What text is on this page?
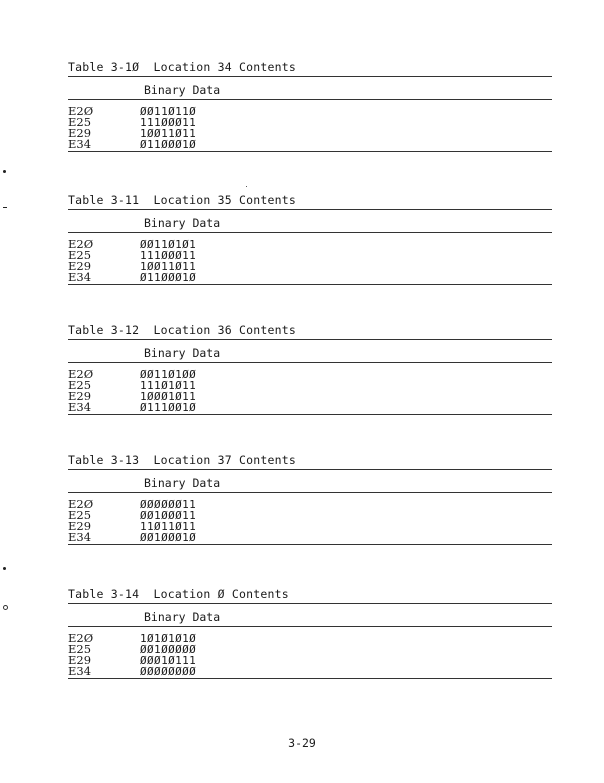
Table 3-1Ø  Location 34 Contents
Binary Data
E2Ø	ØØ11Ø11Ø
E25	111ØØØ11
E29	1ØØ11Ø11
E34	Ø11ØØØ1Ø
Table 3-11  Location 35 Contents
Binary Data
E2Ø	ØØ11Ø1Ø1
E25	111ØØØ11
E29	1ØØ11Ø11
E34	Ø11ØØØ1Ø
Table 3-12  Location 36 Contents
Binary Data
E2Ø	ØØ11Ø1ØØ
E25	111Ø1Ø11
E29	1ØØØ1Ø11
E34	Ø111ØØ1Ø
Table 3-13  Location 37 Contents
Binary Data
E2Ø	ØØØØØØ11
E25	ØØ1ØØØ11
E29	11Ø11Ø11
E34	ØØ1ØØØ1Ø
Table 3-14  Location Ø Contents
Binary Data
E2Ø	1Ø1Ø1Ø1Ø
E25	ØØ1ØØØØØ
E29	ØØØ1Ø111
E34	ØØØØØØØØ
3-29
